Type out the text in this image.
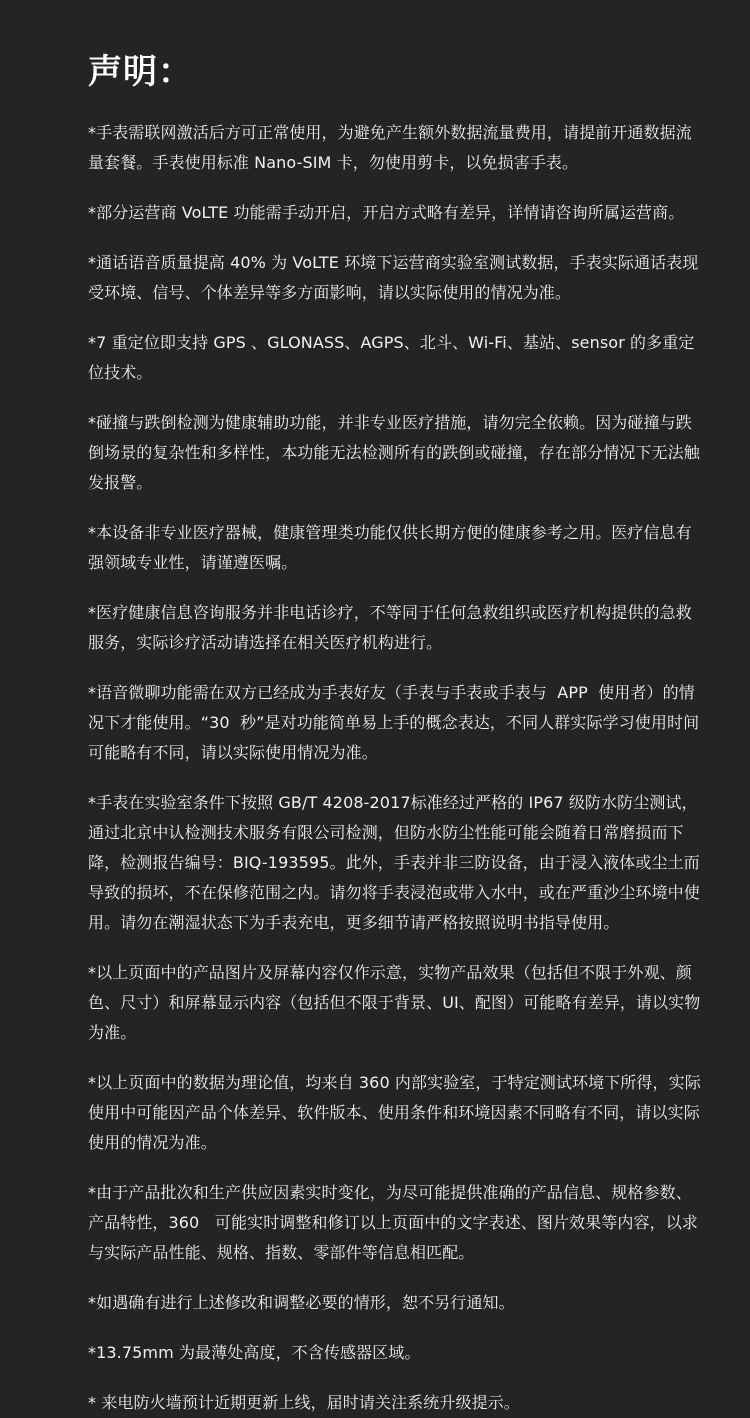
声明：

*手表需联网激活后方可正常使用，为避免产生额外数据流量费用，请提前开通数据流量套餐。手表使用标准 Nano-SIM 卡，勿使用剪卡，以免损害手表。

*部分运营商 VoLTE 功能需手动开启，开启方式略有差异，详情请咨询所属运营商。

*通话语音质量提高 40% 为 VoLTE 环境下运营商实验室测试数据，手表实际通话表现受环境、信号、个体差异等多方面影响，请以实际使用的情况为准。

*7 重定位即支持 GPS 、GLONASS、AGPS、北斗、Wi-Fi、基站、sensor 的多重定位技术。

*碰撞与跌倒检测为健康辅助功能，并非专业医疗措施，请勿完全依赖。因为碰撞与跌倒场景的复杂性和多样性，本功能无法检测所有的跌倒或碰撞，存在部分情况下无法触发报警。

*本设备非专业医疗器械，健康管理类功能仅供长期方便的健康参考之用。医疗信息有强领域专业性，请谨遵医嘱。

*医疗健康信息咨询服务并非电话诊疗，不等同于任何急救组织或医疗机构提供的急救服务，实际诊疗活动请选择在相关医疗机构进行。

*语音微聊功能需在双方已经成为手表好友（手表与手表或手表与  APP  使用者）的情况下才能使用。“30  秒”是对功能简单易上手的概念表达，不同人群实际学习使用时间可能略有不同，请以实际使用情况为准。

*手表在实验室条件下按照 GB/T 4208-2017标准经过严格的 IP67 级防水防尘测试，通过北京中认检测技术服务有限公司检测，但防水防尘性能可能会随着日常磨损而下降，检测报告编号：BIQ-193595。此外，手表并非三防设备，由于浸入液体或尘土而导致的损坏，不在保修范围之内。请勿将手表浸泡或带入水中，或在严重沙尘环境中使用。请勿在潮湿状态下为手表充电，更多细节请严格按照说明书指导使用。

*以上页面中的产品图片及屏幕内容仅作示意，实物产品效果（包括但不限于外观、颜色、尺寸）和屏幕显示内容（包括但不限于背景、UI、配图）可能略有差异，请以实物为准。

*以上页面中的数据为理论值，均来自 360 内部实验室，于特定测试环境下所得，实际使用中可能因产品个体差异、软件版本、使用条件和环境因素不同略有不同，请以实际使用的情况为准。

*由于产品批次和生产供应因素实时变化，为尽可能提供准确的产品信息、规格参数、产品特性，360   可能实时调整和修订以上页面中的文字表述、图片效果等内容，以求与实际产品性能、规格、指数、零部件等信息相匹配。

*如遇确有进行上述修改和调整必要的情形，恕不另行通知。

*13.75mm 为最薄处高度，不含传感器区域。

* 来电防火墙预计近期更新上线，届时请关注系统升级提示。
